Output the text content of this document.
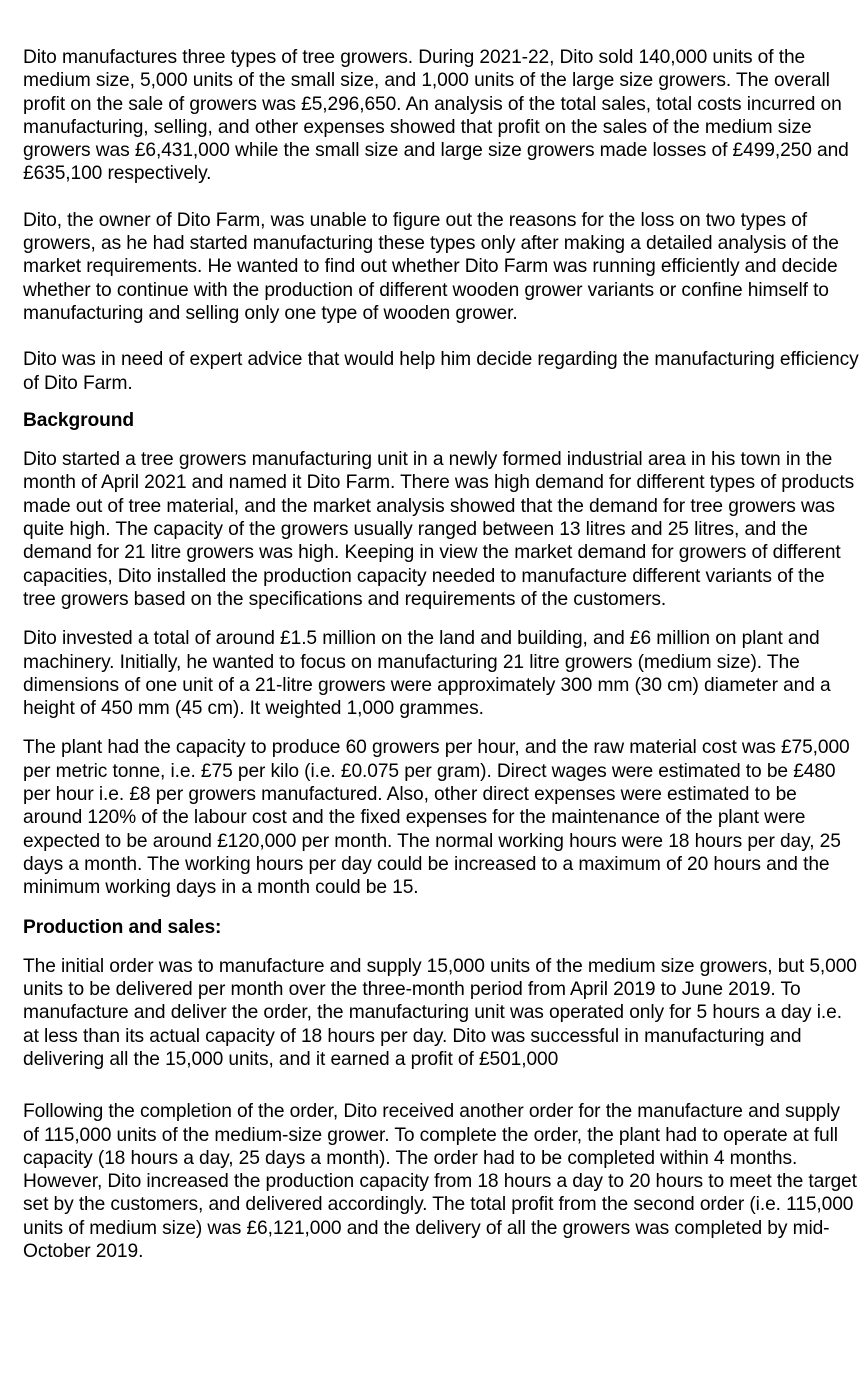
Dito manufactures three types of tree growers. During 2021-22, Dito sold 140,000 units of the medium size, 5,000 units of the small size, and 1,000 units of the large size growers. The overall profit on the sale of growers was £5,296,650. An analysis of the total sales, total costs incurred on manufacturing, selling, and other expenses showed that profit on the sales of the medium size growers was £6,431,000 while the small size and large size growers made losses of £499,250 and £635,100 respectively.

Dito, the owner of Dito Farm, was unable to figure out the reasons for the loss on two types of growers, as he had started manufacturing these types only after making a detailed analysis of the market requirements. He wanted to find out whether Dito Farm was running efficiently and decide whether to continue with the production of different wooden grower variants or confine himself to manufacturing and selling only one type of wooden grower.

Dito was in need of expert advice that would help him decide regarding the manufacturing efficiency of Dito Farm.

Background

Dito started a tree growers manufacturing unit in a newly formed industrial area in his town in the month of April 2021 and named it Dito Farm. There was high demand for different types of products made out of tree material, and the market analysis showed that the demand for tree growers was quite high. The capacity of the growers usually ranged between 13 litres and 25 litres, and the demand for 21 litre growers was high. Keeping in view the market demand for growers of different capacities, Dito installed the production capacity needed to manufacture different variants of the tree growers based on the specifications and requirements of the customers.

Dito invested a total of around £1.5 million on the land and building, and £6 million on plant and machinery. Initially, he wanted to focus on manufacturing 21 litre growers (medium size). The dimensions of one unit of a 21-litre growers were approximately 300 mm (30 cm) diameter and a height of 450 mm (45 cm). It weighted 1,000 grammes.

The plant had the capacity to produce 60 growers per hour, and the raw material cost was £75,000 per metric tonne, i.e. £75 per kilo (i.e. £0.075 per gram). Direct wages were estimated to be £480 per hour i.e. £8 per growers manufactured. Also, other direct expenses were estimated to be around 120% of the labour cost and the fixed expenses for the maintenance of the plant were expected to be around £120,000 per month. The normal working hours were 18 hours per day, 25 days a month. The working hours per day could be increased to a maximum of 20 hours and the minimum working days in a month could be 15.

Production and sales:

The initial order was to manufacture and supply 15,000 units of the medium size growers, but 5,000 units to be delivered per month over the three-month period from April 2019 to June 2019. To manufacture and deliver the order, the manufacturing unit was operated only for 5 hours a day i.e. at less than its actual capacity of 18 hours per day. Dito was successful in manufacturing and delivering all the 15,000 units, and it earned a profit of £501,000

Following the completion of the order, Dito received another order for the manufacture and supply of 115,000 units of the medium-size grower. To complete the order, the plant had to operate at full capacity (18 hours a day, 25 days a month). The order had to be completed within 4 months. However, Dito increased the production capacity from 18 hours a day to 20 hours to meet the target set by the customers, and delivered accordingly. The total profit from the second order (i.e. 115,000 units of medium size) was £6,121,000 and the delivery of all the growers was completed by mid-October 2019.
